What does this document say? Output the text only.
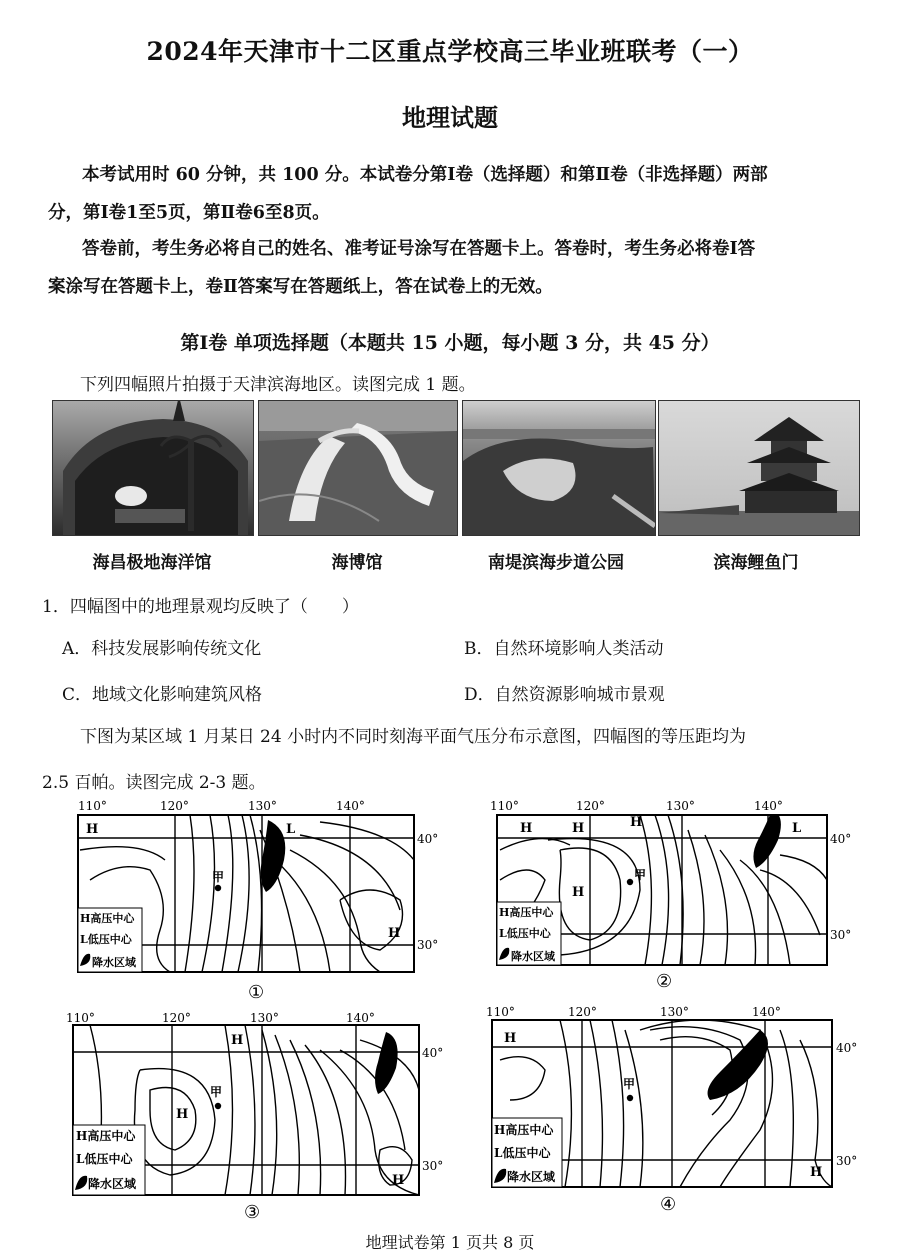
2024年天津市十二区重点学校高三毕业班联考（一）
地理试题

本考试用时 60 分钟，共 100 分。本试卷分第Ⅰ卷（选择题）和第Ⅱ卷（非选择题）两部

分，第Ⅰ卷1至5页，第Ⅱ卷6至8页。

答卷前，考生务必将自己的姓名、准考证号涂写在答题卡上。答卷时，考生务必将卷Ⅰ答

案涂写在答题卡上，卷Ⅱ答案写在答题纸上，答在试卷上的无效。

第Ⅰ卷 单项选择题（本题共 15 小题，每小题 3 分，共 45 分）
下列四幅照片拍摄于天津滨海地区。读图完成 1 题。
海昌极地海洋馆	海博馆	南堤滨海步道公园	滨海鲤鱼门
1．四幅图中的地理景观均反映了（　　）
A．科技发展影响传统文化	B．自然环境影响人类活动
C．地域文化影响建筑风格	D．自然资源影响城市景观
下图为某区域 1 月某日 24 小时内不同时刻海平面气压分布示意图，四幅图的等压距均为
2.5 百帕。读图完成 2-3 题。
H	L
H
甲
H高压中心
L低压中心
降水区域
110°	120°	130°	140°
40°
30°
①
H	H	H
H
L
甲
H高压中心
L低压中心
降水区域
110°	120°	130°	140°
40°
30°
②
H
H
H
甲
H高压中心
L低压中心
降水区域
110°	120°	130°	140°
40°
30°
③
H
H
甲
H高压中心
L低压中心
降水区域
110°	120°	130°	140°
40°
30°
④
地理试卷第 1 页共 8 页
